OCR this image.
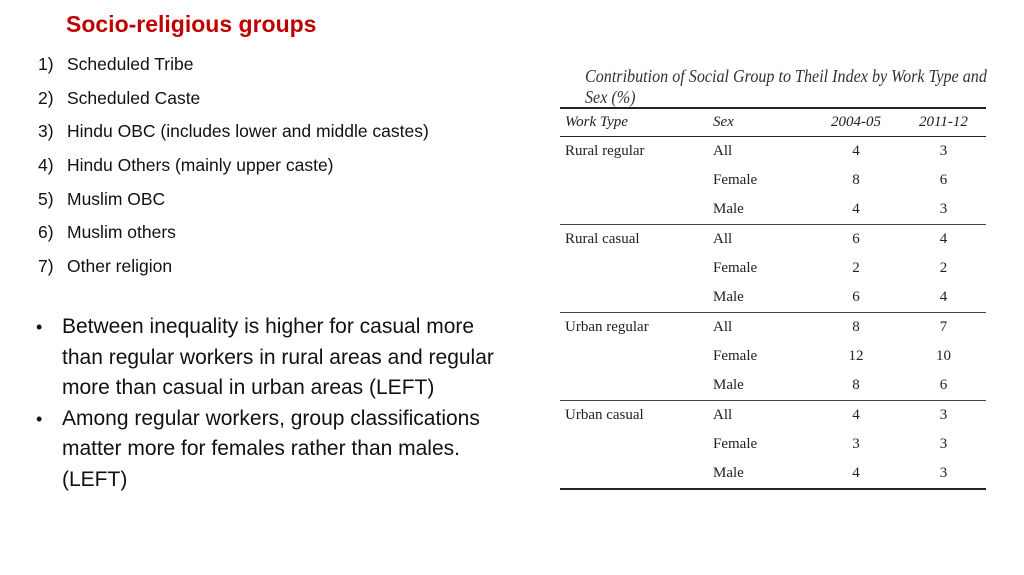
Socio-religious groups
1) Scheduled Tribe
2) Scheduled Caste
3) Hindu OBC (includes lower and middle castes)
4) Hindu Others (mainly upper caste)
5) Muslim OBC
6) Muslim others
7) Other religion
• Between inequality is higher for casual more than regular workers in rural areas and regular more than casual in urban areas (LEFT)
• Among regular workers, group classifications matter more for females rather than males. (LEFT)
Contribution of Social Group to Theil Index by Work Type and Sex (%)
Work Type	Sex	2004-05	2011-12
Rural regular	All	4	3
	Female	8	6
	Male	4	3
Rural casual	All	6	4
	Female	2	2
	Male	6	4
Urban regular	All	8	7
	Female	12	10
	Male	8	6
Urban casual	All	4	3
	Female	3	3
	Male	4	3
